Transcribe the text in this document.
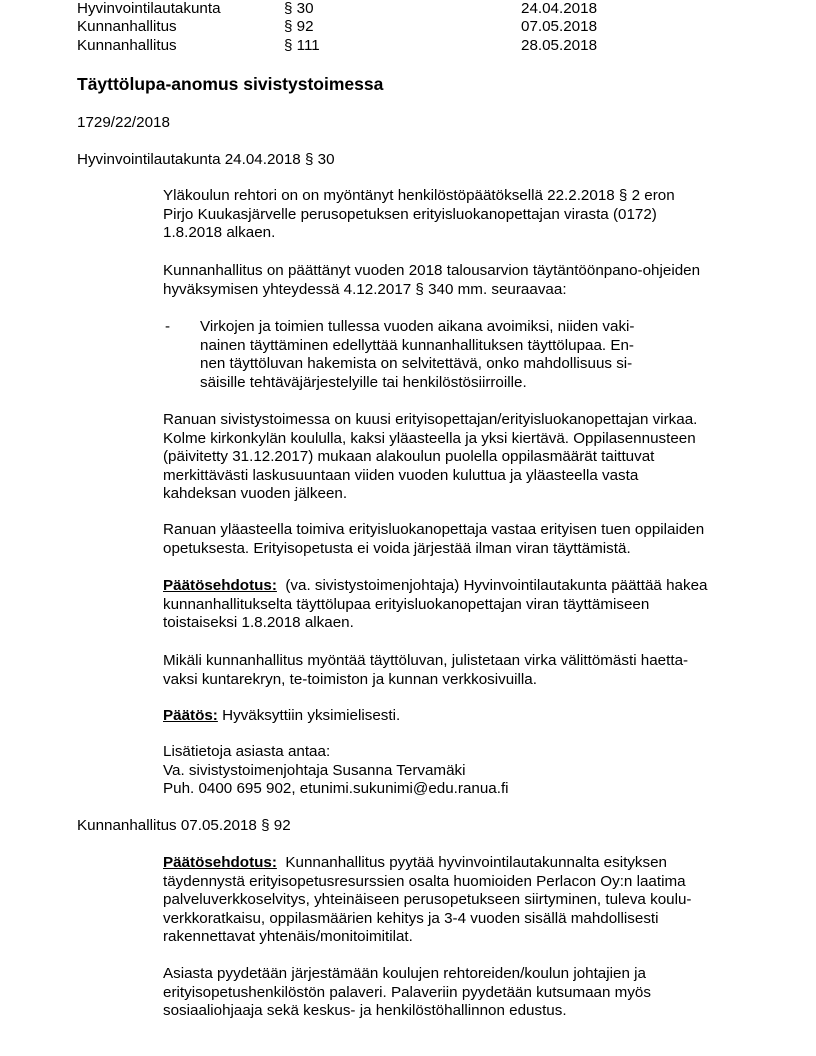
Hyvinvointilautakunta	§ 30	24.04.2018
Kunnanhallitus	§ 92	07.05.2018
Kunnanhallitus	§ 111	28.05.2018
Täyttölupa-anomus sivistystoimessa
1729/22/2018
Hyvinvointilautakunta 24.04.2018 § 30
Yläkoulun rehtori on on myöntänyt henkilöstöpäätöksellä 22.2.2018 § 2 eron
Pirjo Kuukasjärvelle perusopetuksen erityisluokanopettajan virasta (0172)
1.8.2018 alkaen.
Kunnanhallitus on päättänyt vuoden 2018 talousarvion täytäntöönpano-ohjeiden
hyväksymisen yhteydessä 4.12.2017 § 340 mm. seuraavaa:
- Virkojen ja toimien tullessa vuoden aikana avoimiksi, niiden vaki-
nainen täyttäminen edellyttää kunnanhallituksen täyttölupaa. En-
nen täyttöluvan hakemista on selvitettävä, onko mahdollisuus si-
säisille tehtäväjärjestelyille tai henkilöstösiirroille.
Ranuan sivistystoimessa on kuusi erityisopettajan/erityisluokanopettajan virkaa.
Kolme kirkonkylän koululla, kaksi yläasteella ja yksi kiertävä. Oppilasennusteen
(päivitetty 31.12.2017) mukaan alakoulun puolella oppilasmäärät taittuvat
merkittävästi laskusuuntaan viiden vuoden kuluttua ja yläasteella vasta
kahdeksan vuoden jälkeen.
Ranuan yläasteella toimiva erityisluokanopettaja vastaa erityisen tuen oppilaiden
opetuksesta. Erityisopetusta ei voida järjestää ilman viran täyttämistä.
Päätösehdotus: (va. sivistystoimenjohtaja) Hyvinvointilautakunta päättää hakea
kunnanhallitukselta täyttölupaa erityisluokanopettajan viran täyttämiseen
toistaiseksi 1.8.2018 alkaen.
Mikäli kunnanhallitus myöntää täyttöluvan, julistetaan virka välittömästi haetta-
vaksi kuntarekryn, te-toimiston ja kunnan verkkosivuilla.
Päätös: Hyväksyttiin yksimielisesti.
Lisätietoja asiasta antaa:
Va. sivistystoimenjohtaja Susanna Tervamäki
Puh. 0400 695 902, etunimi.sukunimi@edu.ranua.fi
Kunnanhallitus 07.05.2018 § 92
Päätösehdotus: Kunnanhallitus pyytää hyvinvointilautakunnalta esityksen
täydennystä erityisopetusresurssien osalta huomioiden Perlacon Oy:n laatima
palveluverkkoselvitys, yhteinäiseen perusopetukseen siirtyminen, tuleva koulu-
verkkoratkaisu, oppilasmäärien kehitys ja 3-4 vuoden sisällä mahdollisesti
rakennettavat yhtenäis/monitoimitilat.
Asiasta pyydetään järjestämään koulujen rehtoreiden/koulun johtajien ja
erityisopetushenkilöstön palaveri. Palaveriin pyydetään kutsumaan myös
sosiaaliohjaaja sekä keskus- ja henkilöstöhallinnon edustus.
